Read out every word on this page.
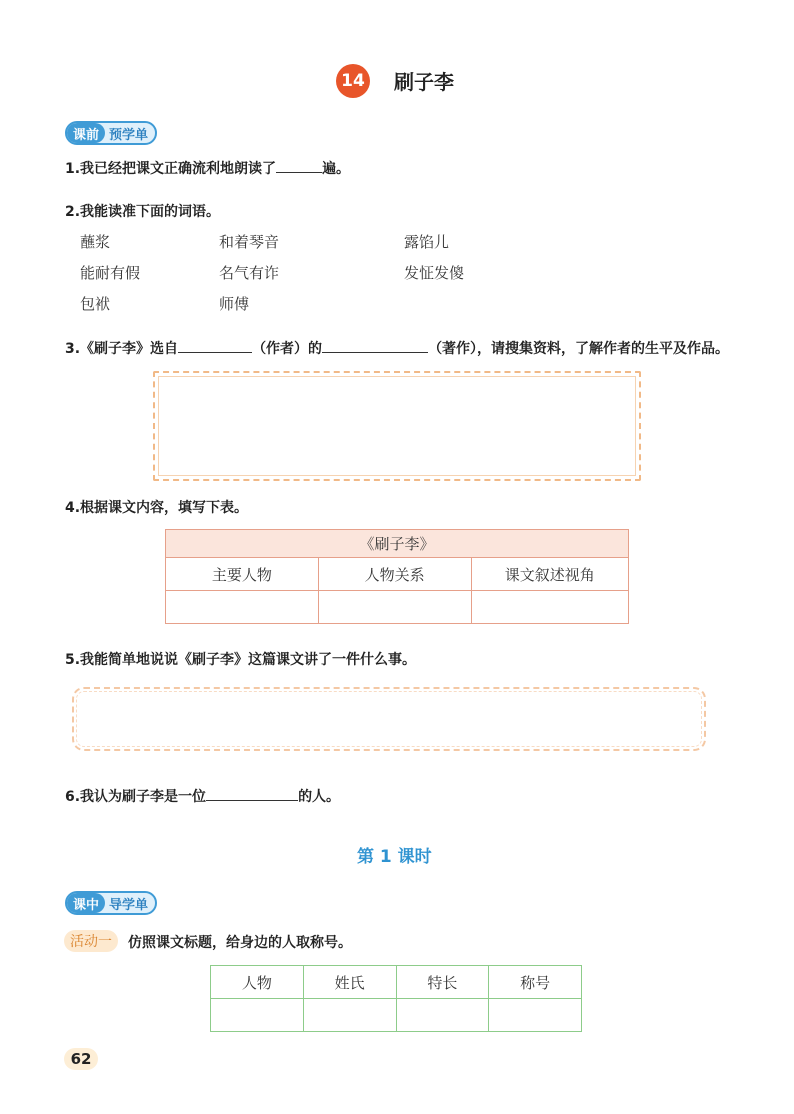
14 刷子李
课前 预学单
1.我已经把课文正确流利地朗读了	遍。
2.我能读准下面的词语。
蘸浆	和着琴音	露馅儿
能耐有假	名气有诈	发怔发傻
包袱	师傅
3.《刷子李》选自	（作者）的	（著作），请搜集资料，了解作者的生平及作品。
4.根据课文内容，填写下表。
《刷子李》		
主要人物	人物关系	课文叙述视角

5.我能简单地说说《刷子李》这篇课文讲了一件什么事。
6.我认为刷子李是一位	的人。
第 1 课时
课中 导学单
活动一	仿照课文标题，给身边的人取称号。
人物	姓氏	特长	称号

62
